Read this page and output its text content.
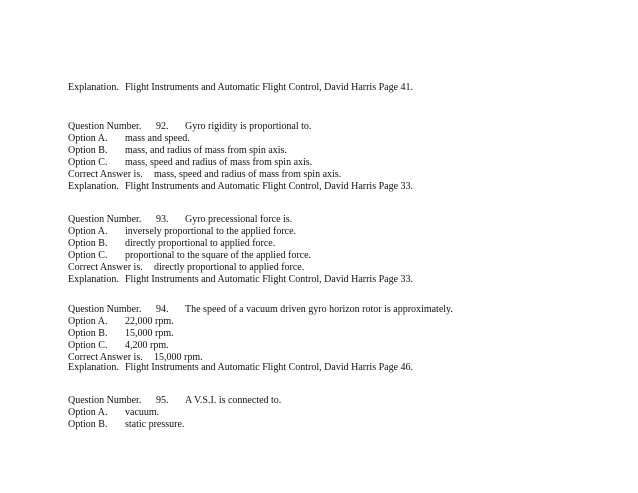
Explanation. Flight Instruments and Automatic Flight Control, David Harris Page 41.

Question Number. 92. Gyro rigidity is proportional to.

Option A. mass and speed.

Option B. mass, and radius of mass from spin axis.

Option C. mass, speed and radius of mass from spin axis.

Correct Answer is. mass, speed and radius of mass from spin axis.

Explanation. Flight Instruments and Automatic Flight Control, David Harris Page 33.

Question Number. 93. Gyro precessional force is.

Option A. inversely proportional to the applied force.

Option B. directly proportional to applied force.

Option C. proportional to the square of the applied force.

Correct Answer is. directly proportional to applied force.

Explanation. Flight Instruments and Automatic Flight Control, David Harris Page 33.

Question Number. 94. The speed of a vacuum driven gyro horizon rotor is approximately.

Option A. 22,000 rpm.

Option B. 15,000 rpm.

Option C. 4,200 rpm.

Correct Answer is. 15,000 rpm.

Explanation. Flight Instruments and Automatic Flight Control, David Harris Page 46.

Question Number. 95. A V.S.I. is connected to.

Option A. vacuum.

Option B. static pressure.
